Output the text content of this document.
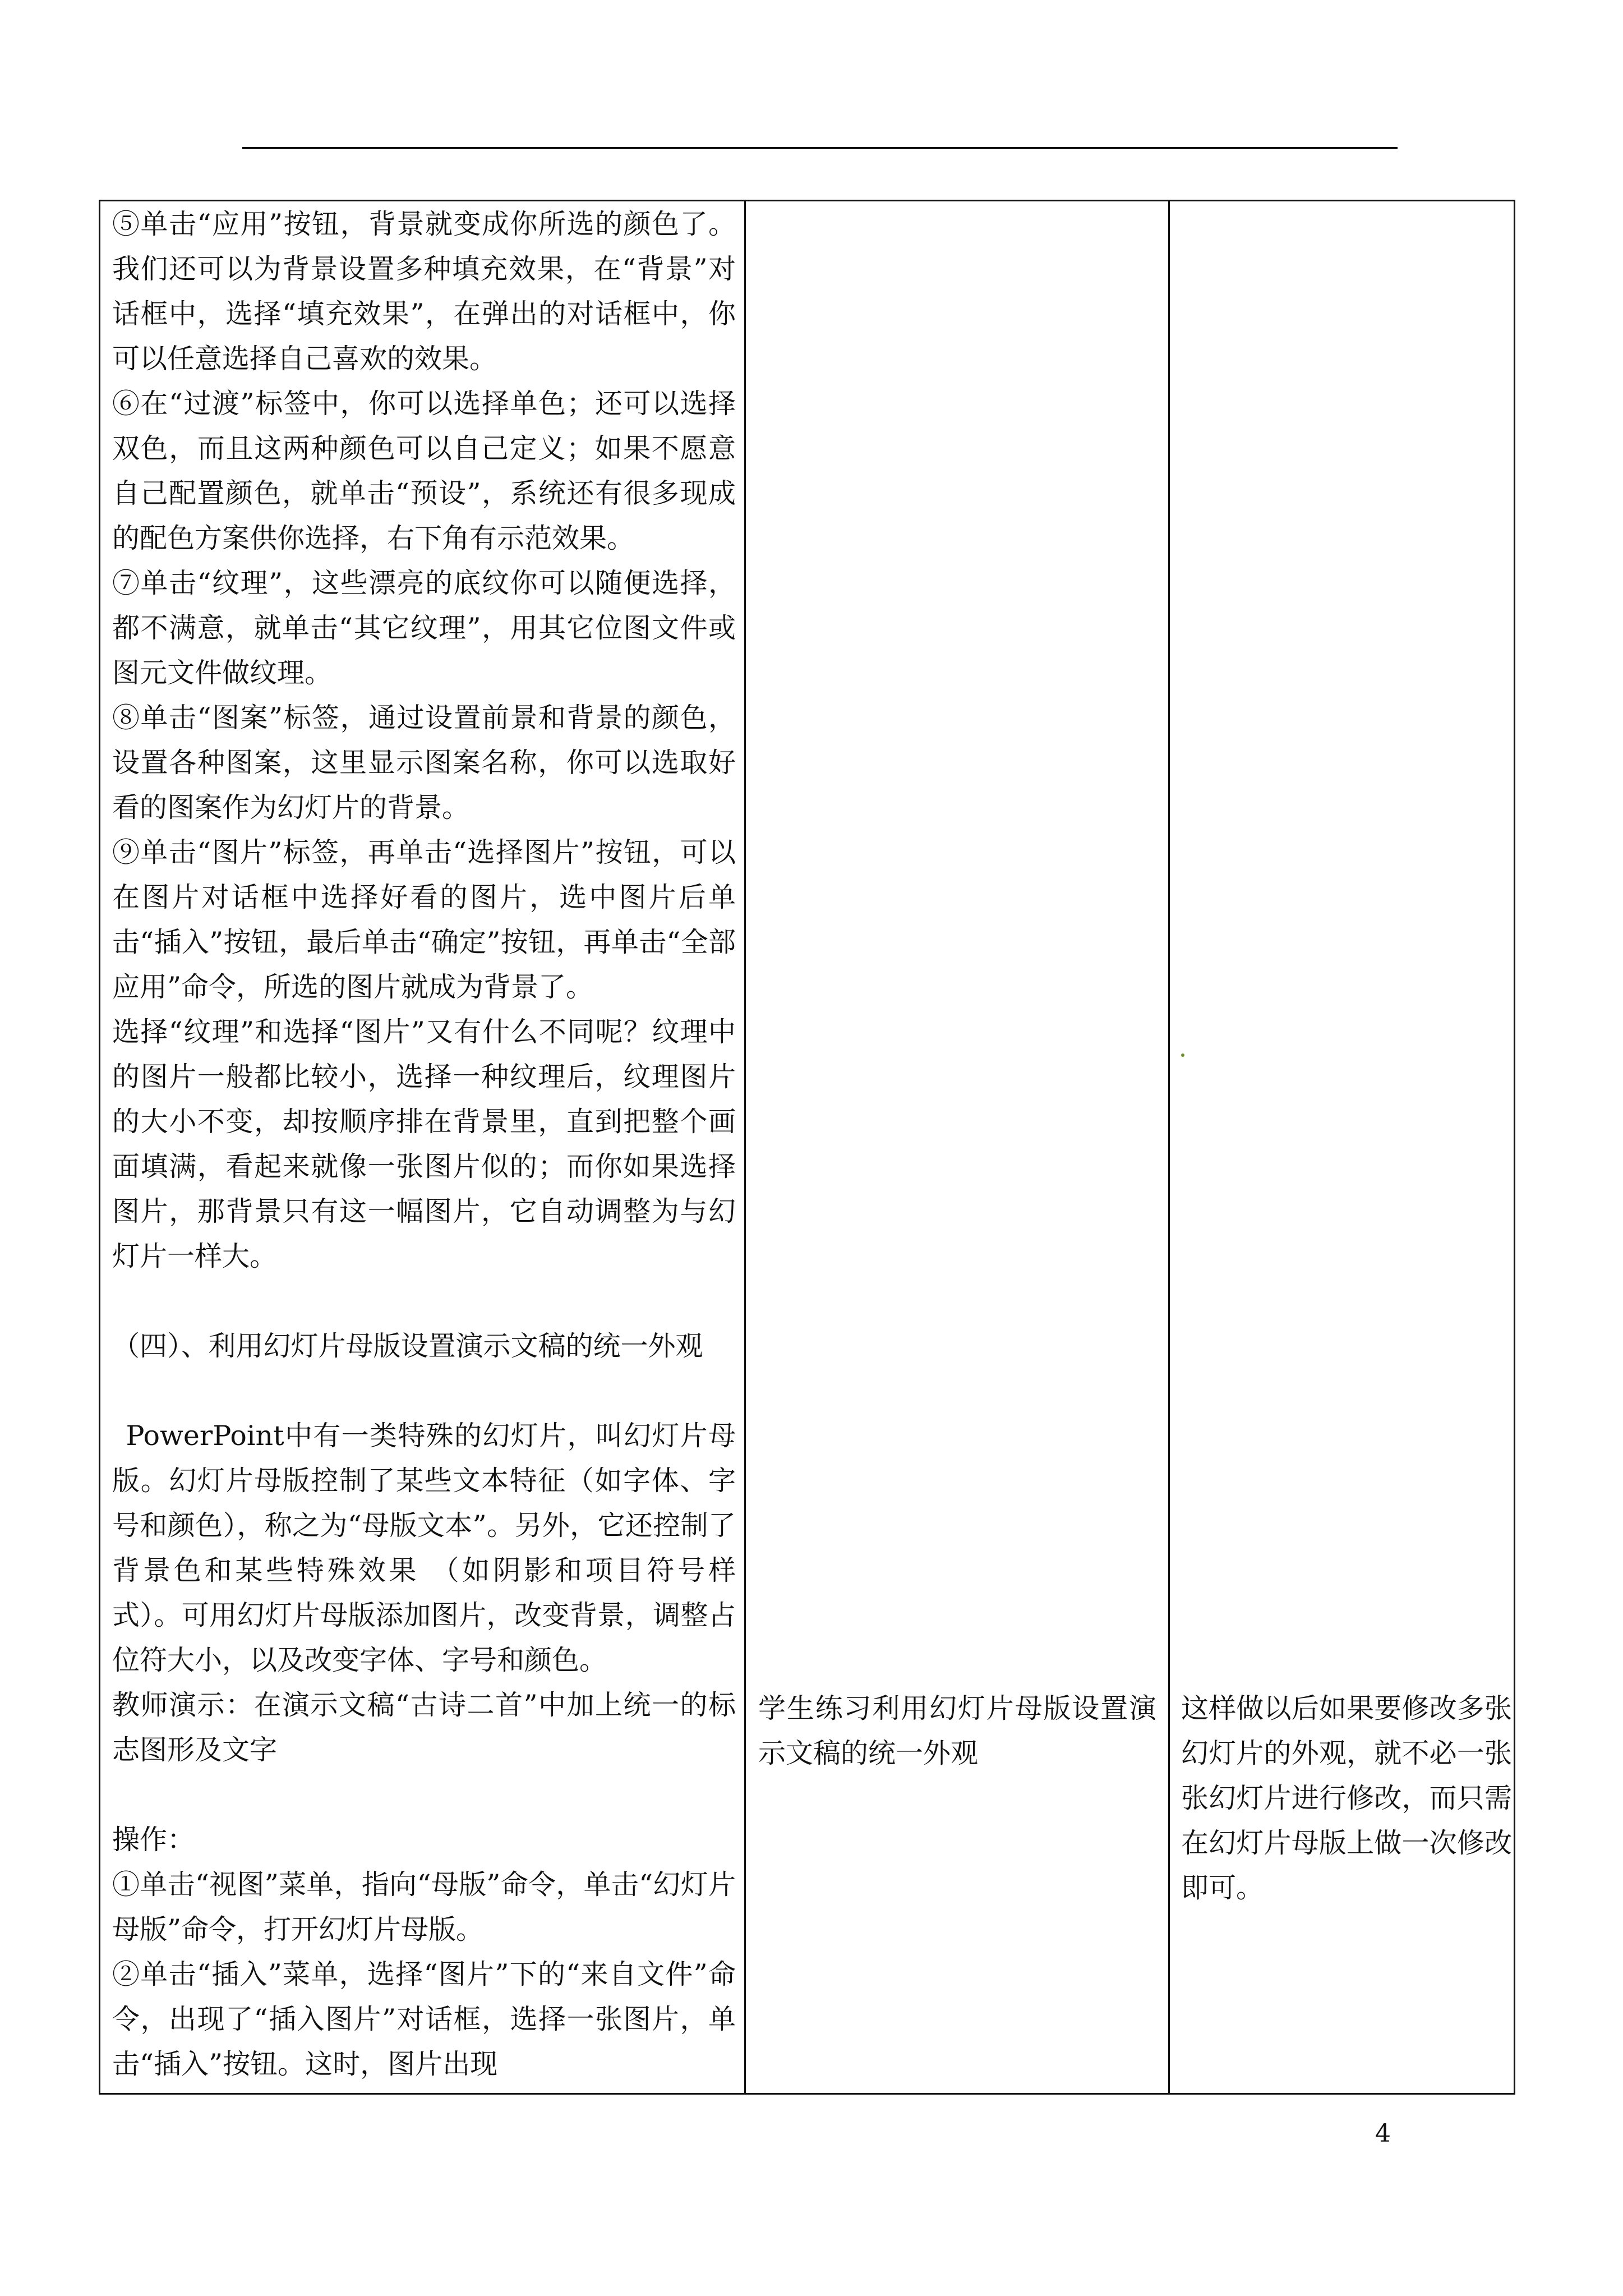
⑤单击“应用”按钮，背景就变成你所选的颜色了。我们还可以为背景设置多种填充效果，在“背景”对话框中，选择“填充效果”，在弹出的对话框中，你可以任意选择自己喜欢的效果。

⑥在“过渡”标签中，你可以选择单色；还可以选择双色，而且这两种颜色可以自己定义；如果不愿意自己配置颜色，就单击“预设”，系统还有很多现成的配色方案供你选择，右下角有示范效果。

⑦单击“纹理”，这些漂亮的底纹你可以随便选择，都不满意，就单击“其它纹理”，用其它位图文件或图元文件做纹理。

⑧单击“图案”标签，通过设置前景和背景的颜色，设置各种图案，这里显示图案名称，你可以选取好看的图案作为幻灯片的背景。

⑨单击“图片”标签，再单击“选择图片”按钮，可以在图片对话框中选择好看的图片，选中图片后单击“插入”按钮，最后单击“确定”按钮，再单击“全部应用”命令，所选的图片就成为背景了。

选择“纹理”和选择“图片”又有什么不同呢？纹理中的图片一般都比较小，选择一种纹理后，纹理图片的大小不变，却按顺序排在背景里，直到把整个画面填满，看起来就像一张图片似的；而你如果选择图片，那背景只有这一幅图片，它自动调整为与幻灯片一样大。

（四）、利用幻灯片母版设置演示文稿的统一外观

PowerPoint中有一类特殊的幻灯片，叫幻灯片母版。幻灯片母版控制了某些文本特征（如字体、字号和颜色），称之为“母版文本”。另外，它还控制了背景色和某些特殊效果 （如阴影和项目符号样式）。可用幻灯片母版添加图片，改变背景，调整占位符大小，以及改变字体、字号和颜色。

教师演示：在演示文稿“古诗二首”中加上统一的标志图形及文字

操作：

①单击“视图”菜单，指向“母版”命令，单击“幻灯片母版”命令，打开幻灯片母版。

②单击“插入”菜单，选择“图片”下的“来自文件”命令，出现了“插入图片”对话框，选择一张图片，单击“插入”按钮。这时，图片出现

学生练习利用幻灯片母版设置演示文稿的统一外观

这样做以后如果要修改多张幻灯片的外观，就不必一张张幻灯片进行修改，而只需在幻灯片母版上做一次修改即可。

4
